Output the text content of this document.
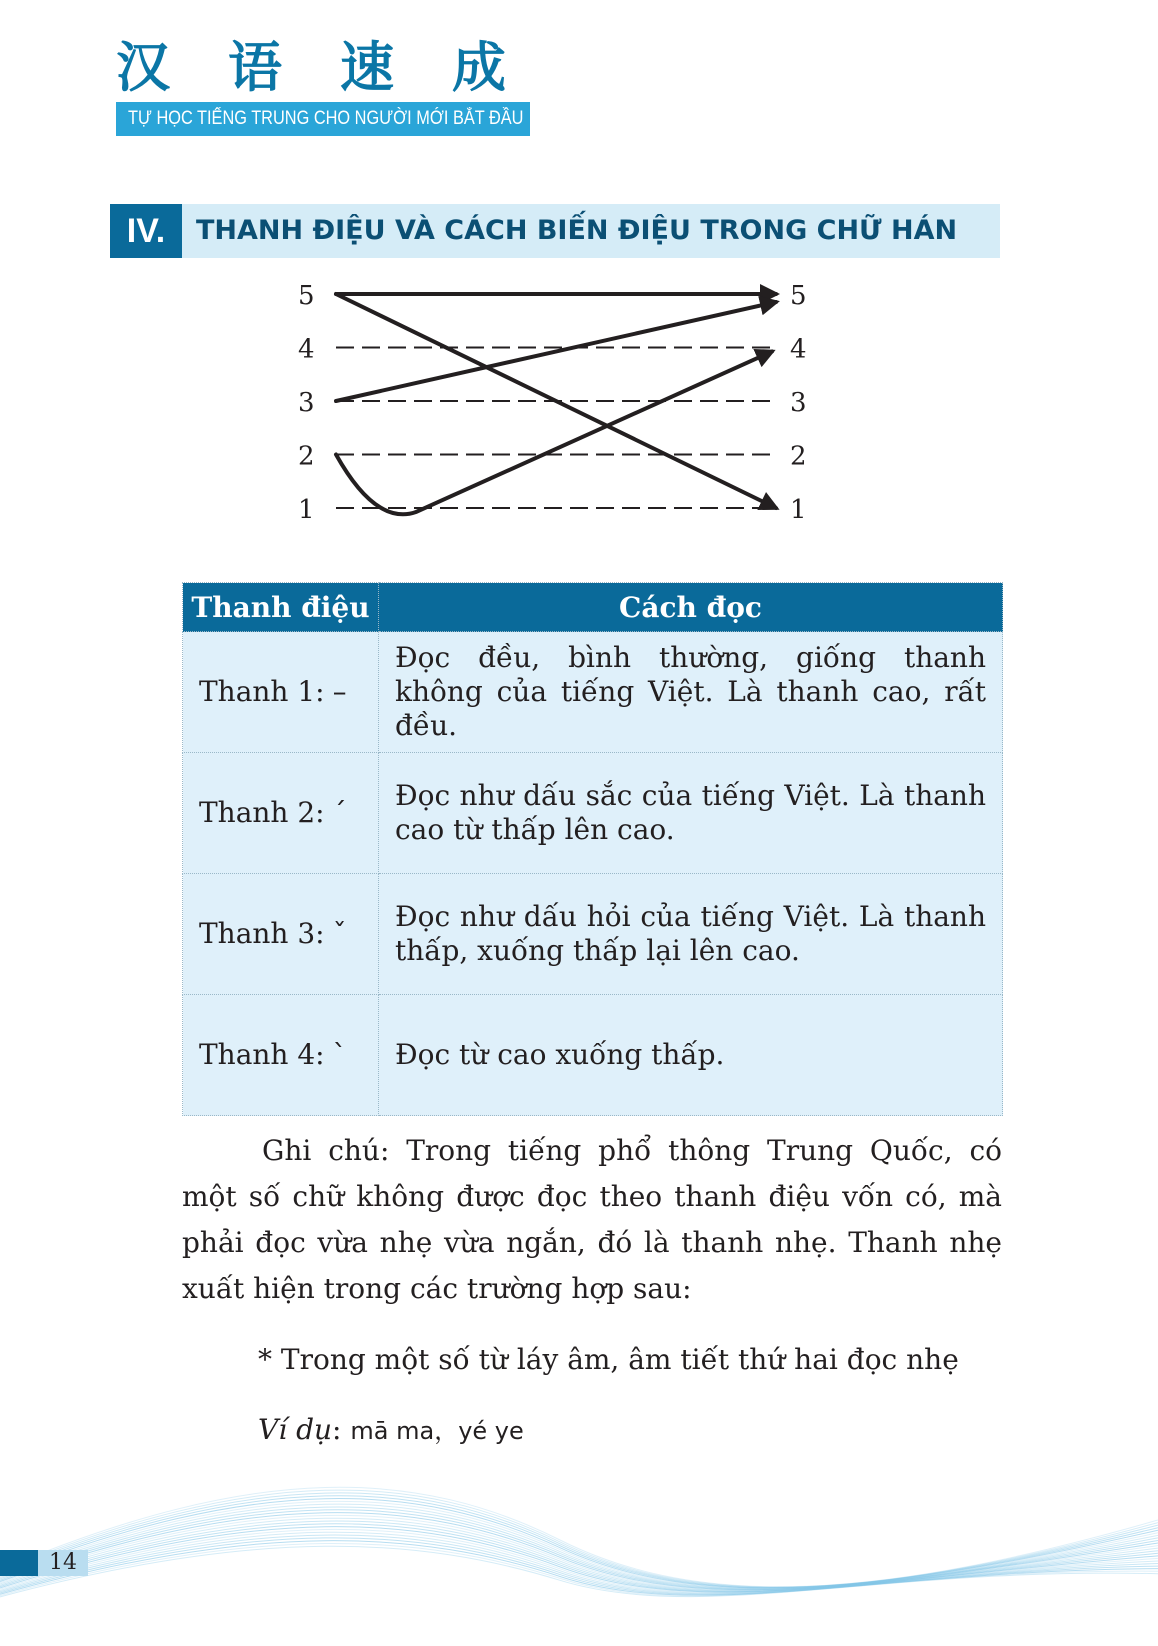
汉 语 速 成
TỰ HỌC TIẾNG TRUNG CHO NGƯỜI MỚI BẮT ĐẦU
IV.	THANH ĐIỆU VÀ CÁCH BIẾN ĐIỆU TRONG CHỮ HÁN
5
4
3
2
1
5
4
3
2
1
Thanh điệu	Cách đọc
Thanh 1: –	Đọc đều, bình thường, giống thanh không của tiếng Việt. Là thanh cao, rất đều.
Thanh 2: ˊ	Đọc như dấu sắc của tiếng Việt. Là thanh cao từ thấp lên cao.
Thanh 3: ˇ	Đọc như dấu hỏi của tiếng Việt. Là thanh thấp, xuống thấp lại lên cao.
Thanh 4: ˋ	Đọc từ cao xuống thấp.

Ghi chú: Trong tiếng phổ thông Trung Quốc, có một số chữ không được đọc theo thanh điệu vốn có, mà phải đọc vừa nhẹ vừa ngắn, đó là thanh nhẹ. Thanh nhẹ xuất hiện trong các trường hợp sau:

* Trong một số từ láy âm, âm tiết thứ hai đọc nhẹ
Ví dụ: mā ma，yé ye
14
